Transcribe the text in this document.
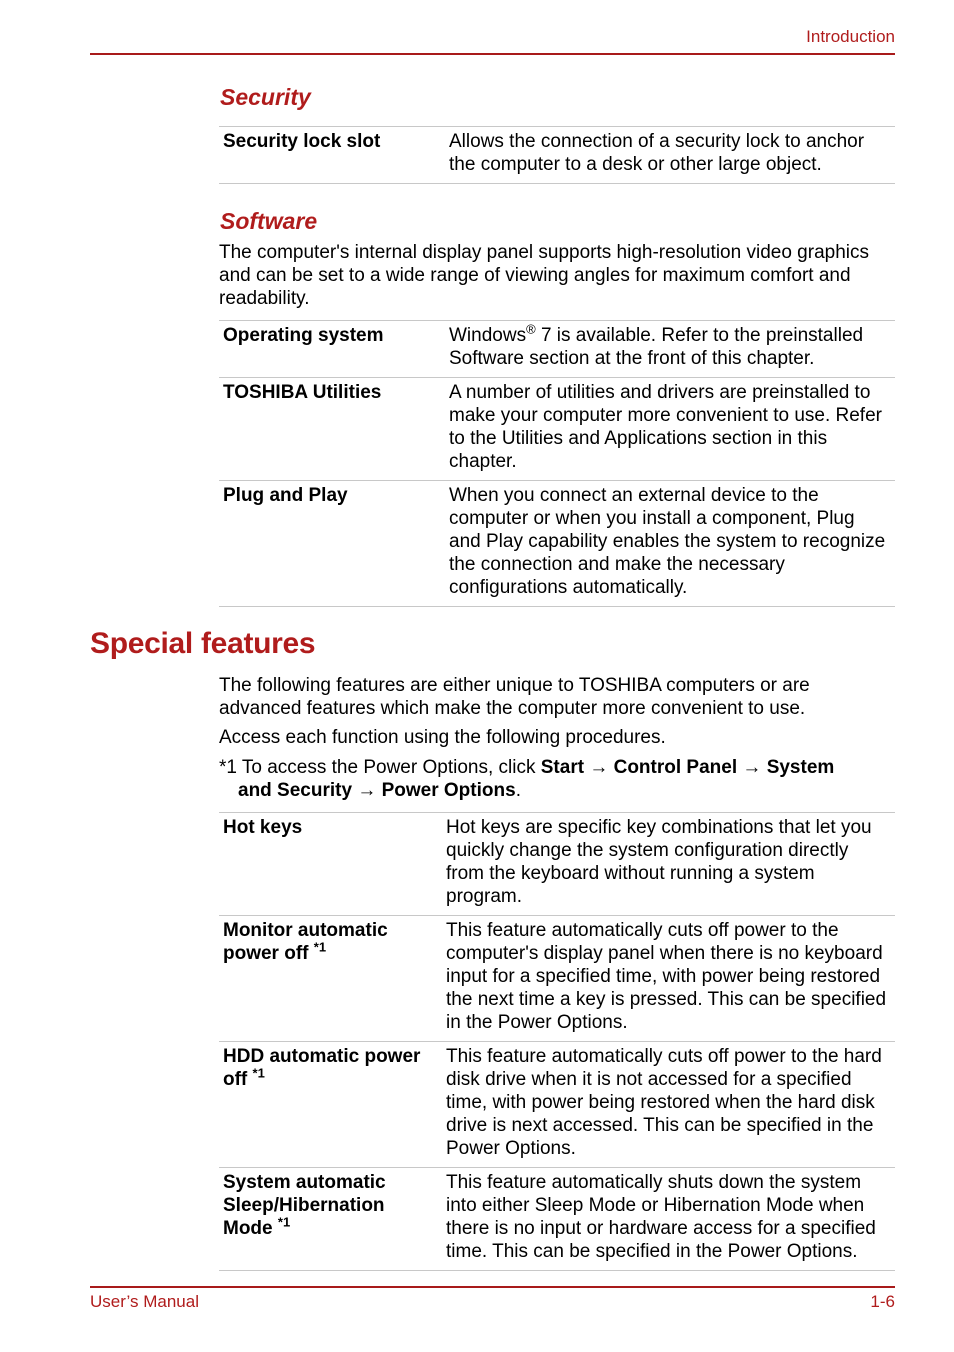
Introduction
Security
Security lock slot	Allows the connection of a security lock to anchor the computer to a desk or other large object.
Software
The computer's internal display panel supports high-resolution video graphics and can be set to a wide range of viewing angles for maximum comfort and readability.
Operating system	Windows® 7 is available. Refer to the preinstalled Software section at the front of this chapter.
TOSHIBA Utilities	A number of utilities and drivers are preinstalled to make your computer more convenient to use. Refer to the Utilities and Applications section in this chapter.
Plug and Play	When you connect an external device to the computer or when you install a component, Plug and Play capability enables the system to recognize the connection and make the necessary configurations automatically.
Special features
The following features are either unique to TOSHIBA computers or are advanced features which make the computer more convenient to use.
Access each function using the following procedures.
*1 To access the Power Options, click Start → Control Panel → System
and Security → Power Options.
Hot keys	Hot keys are specific key combinations that let you quickly change the system configuration directly from the keyboard without running a system program.
Monitor automatic power off $^{*1}$	This feature automatically cuts off power to the computer's display panel when there is no keyboard input for a specified time, with power being restored the next time a key is pressed. This can be specified in the Power Options.
HDD automatic power off $^{*1}$	This feature automatically cuts off power to the hard disk drive when it is not accessed for a specified time, with power being restored when the hard disk drive is next accessed. This can be specified in the Power Options.
System automatic Sleep/Hibernation Mode $^{*1}$	This feature automatically shuts down the system into either Sleep Mode or Hibernation Mode when there is no input or hardware access for a specified time. This can be specified in the Power Options.
User’s Manual	1-6
